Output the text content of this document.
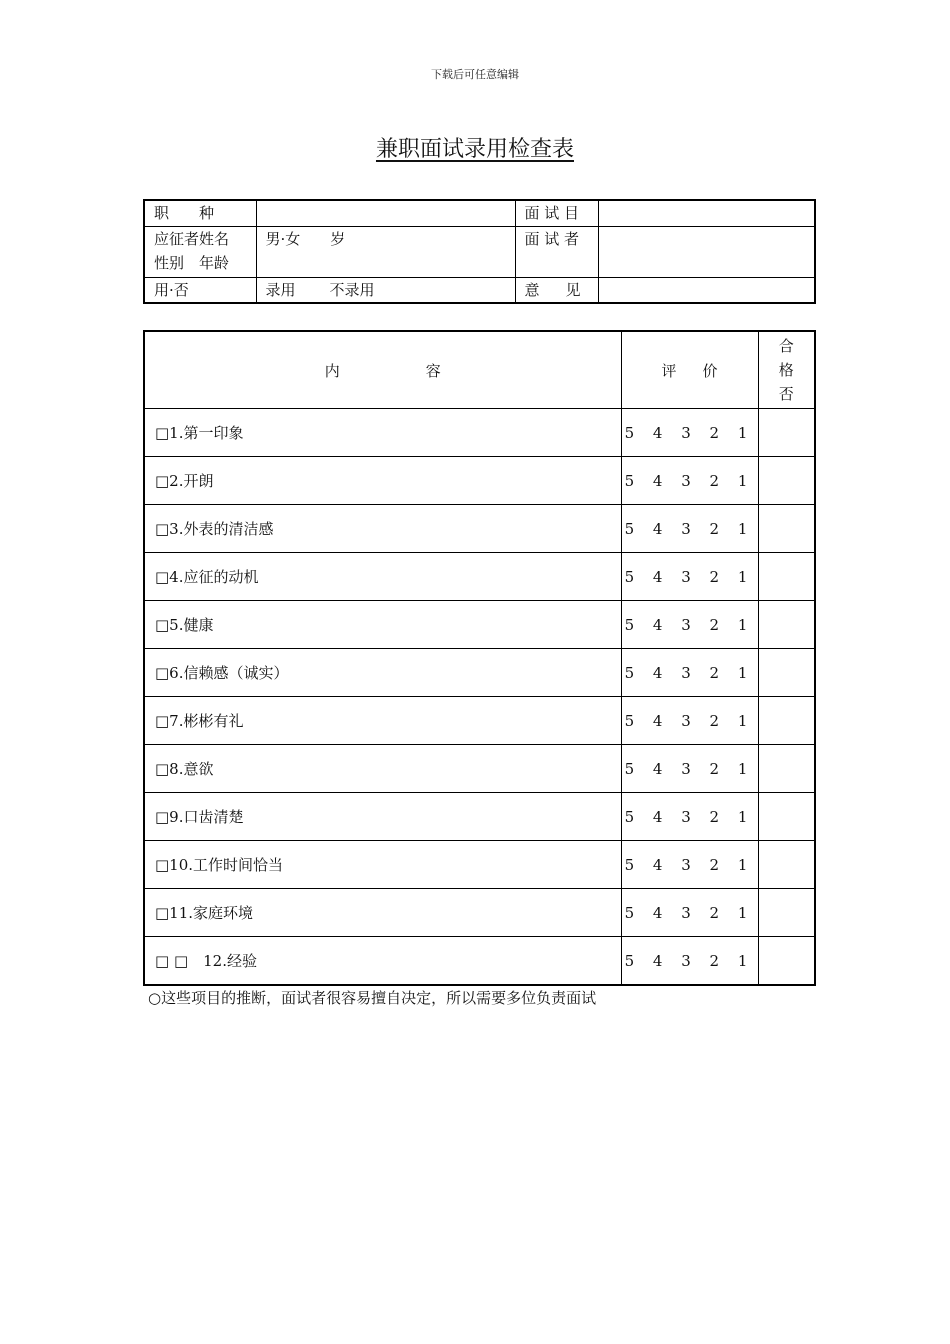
下载后可任意编辑
兼职面试录用检查表
职 种		面 试 目	

应征者姓名
性别　年龄	男·女 岁	面 试 者	
用·否	录用 不录用	意 见	
内 容	评 价	合
格
否

□1.第一印象	5 4 3 2 1	
□2.开朗	5 4 3 2 1	
□3.外表的清洁感	5 4 3 2 1	
□4.应征的动机	5 4 3 2 1	
□5.健康	5 4 3 2 1	
□6.信赖感（诚实）	5 4 3 2 1	
□7.彬彬有礼	5 4 3 2 1	
□8.意欲	5 4 3 2 1	
□9.口齿清楚	5 4 3 2 1	
□10.工作时间恰当	5 4 3 2 1	
□11.家庭环境	5 4 3 2 1	
□ □　12.经验	5 4 3 2 1	
○这些项目的推断，面试者很容易擅自决定，所以需要多位负责面试
